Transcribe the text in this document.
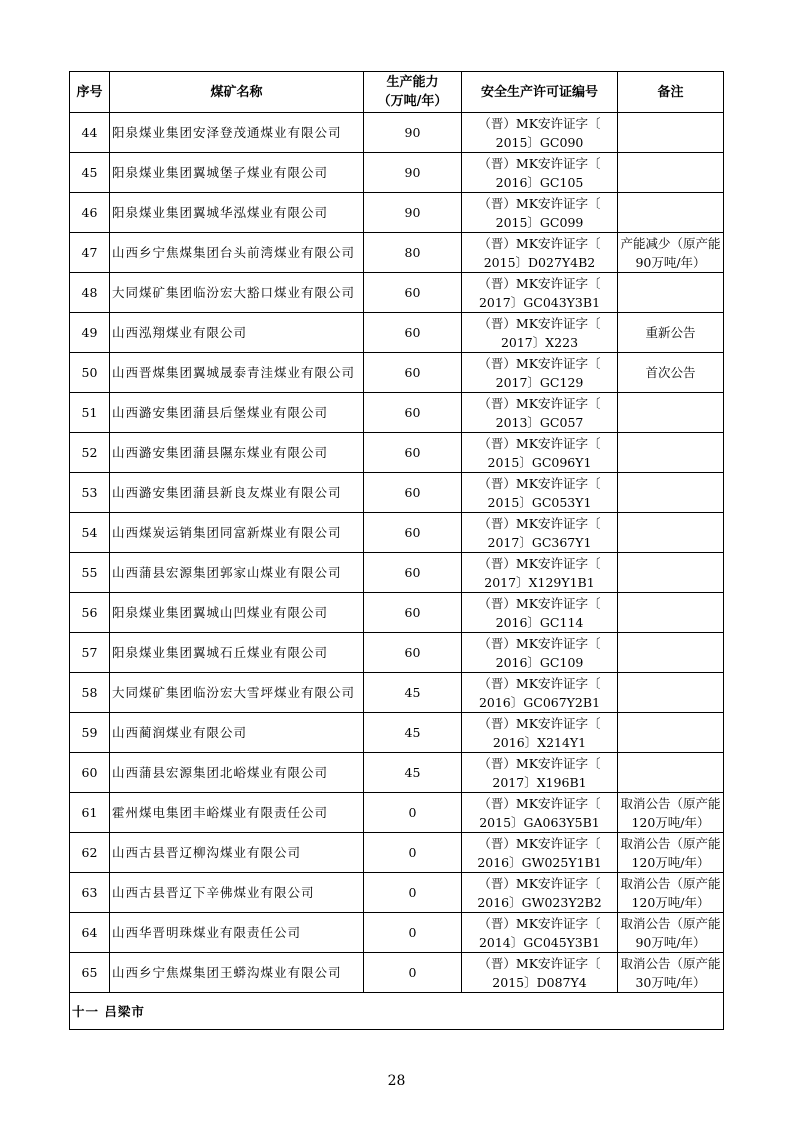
序号	煤矿名称	生产能力
（万吨/年）	安全生产许可证编号	备注
44	阳泉煤业集团安泽登茂通煤业有限公司	90	（晋）MK安许证字〔
2015〕GC090	

45	阳泉煤业集团翼城堡子煤业有限公司	90	（晋）MK安许证字〔
2016〕GC105	

46	阳泉煤业集团翼城华泓煤业有限公司	90	（晋）MK安许证字〔
2015〕GC099	

47	山西乡宁焦煤集团台头前湾煤业有限公司	80	（晋）MK安许证字〔
2015〕D027Y4B2	产能减少（原产能90万吨/年）
48	大同煤矿集团临汾宏大豁口煤业有限公司	60	（晋）MK安许证字〔
2017〕GC043Y3B1	

49	山西泓翔煤业有限公司	60	（晋）MK安许证字〔
2017〕X223	重新公告
50	山西晋煤集团翼城晟泰青洼煤业有限公司	60	（晋）MK安许证字〔
2017〕GC129	首次公告
51	山西潞安集团蒲县后堡煤业有限公司	60	（晋）MK安许证字〔
2013〕GC057	

52	山西潞安集团蒲县隰东煤业有限公司	60	（晋）MK安许证字〔
2015〕GC096Y1	

53	山西潞安集团蒲县新良友煤业有限公司	60	（晋）MK安许证字〔
2015〕GC053Y1	

54	山西煤炭运销集团同富新煤业有限公司	60	（晋）MK安许证字〔
2017〕GC367Y1	

55	山西蒲县宏源集团郭家山煤业有限公司	60	（晋）MK安许证字〔
2017〕X129Y1B1	

56	阳泉煤业集团翼城山凹煤业有限公司	60	（晋）MK安许证字〔
2016〕GC114	

57	阳泉煤业集团翼城石丘煤业有限公司	60	（晋）MK安许证字〔
2016〕GC109	

58	大同煤矿集团临汾宏大雪坪煤业有限公司	45	（晋）MK安许证字〔
2016〕GC067Y2B1	

59	山西蔺润煤业有限公司	45	（晋）MK安许证字〔
2016〕X214Y1	

60	山西蒲县宏源集团北峪煤业有限公司	45	（晋）MK安许证字〔
2017〕X196B1	

61	霍州煤电集团丰峪煤业有限责任公司	0	（晋）MK安许证字〔
2015〕GA063Y5B1	取消公告（原产能120万吨/年）
62	山西古县晋辽柳沟煤业有限公司	0	（晋）MK安许证字〔
2016〕GW025Y1B1	取消公告（原产能120万吨/年）
63	山西古县晋辽下辛佛煤业有限公司	0	（晋）MK安许证字〔
2016〕GW023Y2B2	取消公告（原产能120万吨/年）
64	山西华晋明珠煤业有限责任公司	0	（晋）MK安许证字〔
2014〕GC045Y3B1	取消公告（原产能90万吨/年）
65	山西乡宁焦煤集团王蟒沟煤业有限公司	0	（晋）MK安许证字〔
2015〕D087Y4	取消公告（原产能30万吨/年）
十一 吕梁市				
28
